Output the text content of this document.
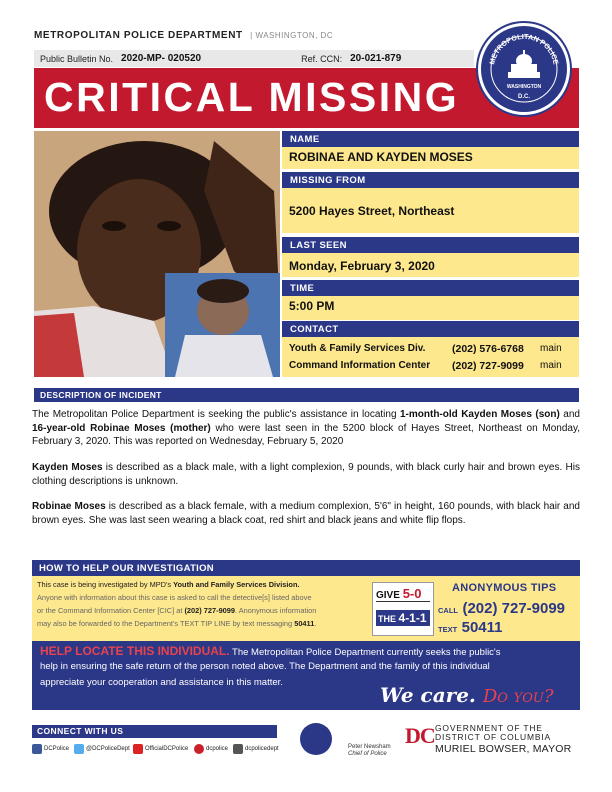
METROPOLITAN POLICE DEPARTMENT | WASHINGTON, DC
Public Bulletin No. 2020-MP- 020520	Ref. CCN: 20-021-879
CRITICAL MISSING
METROPOLITAN POLICE
WASHINGTON
D.C.
NAME
ROBINAE AND KAYDEN MOSES
MISSING FROM
5200 Hayes Street, Northeast
LAST SEEN
Monday, February 3, 2020
TIME
5:00 PM
CONTACT
Youth & Family Services Div.	(202) 576-6768	main
Command Information Center	(202) 727-9099	main
DESCRIPTION OF INCIDENT
The Metropolitan Police Department is seeking the public's assistance in locating 1-month-old Kayden Moses (son) and 16-year-old Robinae Moses (mother) who were last seen in the 5200 block of Hayes Street, Northeast on Monday, February 3, 2020. This was reported on Wednesday, February 5, 2020
Kayden Moses is described as a black male, with a light complexion, 9 pounds, with black curly hair and brown eyes. His clothing descriptions is unknown.
Robinae Moses is described as a black female, with a medium complexion, 5'6" in height, 160 pounds, with black hair and brown eyes. She was last seen wearing a black coat, red shirt and black jeans and white flip flops.
HOW TO HELP OUR INVESTIGATION
This case is being investigated by MPD's Youth and Family Services Division.
Anyone with information about this case is asked to call the detective[s] listed above
or the Command Information Center [CIC] at (202) 727-9099. Anonymous information
may also be forwarded to the Department's TEXT TIP LINE by text messaging 50411.
GIVE 5-0
THE 4-1-1
ANONYMOUS TIPS
CALL (202) 727-9099
TEXT 50411
HELP LOCATE THIS INDIVIDUAL. The Metropolitan Police Department currently seeks the public's
help in ensuring the safe return of the person noted above. The Department and the family of this individual
appreciate your cooperation and assistance in this matter.
We care. Do you?
CONNECT WITH US
DCPolice	@DCPoliceDept	OfficialDCPolice	dcpolice	dcpolicedept	Peter Newsham
Chief of Police
DC GOVERNMENT OF THE
DISTRICT OF COLUMBIA
MURIEL BOWSER, MAYOR
